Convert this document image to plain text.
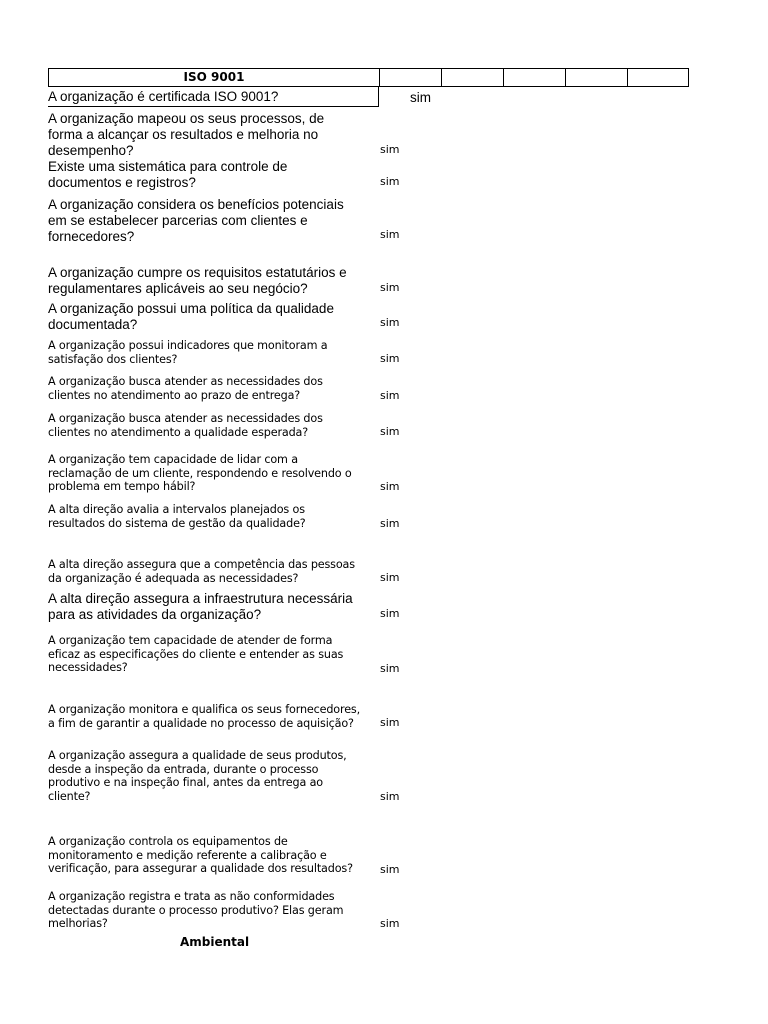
ISO 9001

A organização é certificada ISO 9001?	sim

A organização mapeou os seus processos, de
forma a alcançar os resultados e melhoria no
desempenho?	sim

Existe uma sistemática para controle de
documentos e registros?	sim

A organização considera os benefícios potenciais
em se estabelecer parcerias com clientes e
fornecedores?	sim

A organização cumpre os requisitos estatutários e
regulamentares aplicáveis ao seu negócio?	sim

A organização possui uma política da qualidade
documentada?	sim

A organização possui indicadores que monitoram a
satisfação dos clientes?	sim

A organização busca atender as necessidades dos
clientes no atendimento ao prazo de entrega?	sim

A organização busca atender as necessidades dos
clientes no atendimento a qualidade esperada?	sim

A organização tem capacidade de lidar com a
reclamação de um cliente, respondendo e resolvendo o
problema em tempo hábil?	sim

A alta direção avalia a intervalos planejados os
resultados do sistema de gestão da qualidade?	sim

A alta direção assegura que a competência das pessoas
da organização é adequada as necessidades?	sim

A alta direção assegura a infraestrutura necessária
para as atividades da organização?	sim

A organização tem capacidade de atender de forma
eficaz as especificações do cliente e entender as suas
necessidades?	sim

A organização monitora e qualifica os seus fornecedores,
a fim de garantir a qualidade no processo de aquisição?	sim

A organização assegura a qualidade de seus produtos,
desde a inspeção da entrada, durante o processo
produtivo e na inspeção final, antes da entrega ao
cliente?	sim

A organização controla os equipamentos de
monitoramento e medição referente a calibração e
verificação, para assegurar a qualidade dos resultados?	sim

A organização registra e trata as não conformidades
detectadas durante o processo produtivo? Elas geram
melhorias?	sim
Ambiental
